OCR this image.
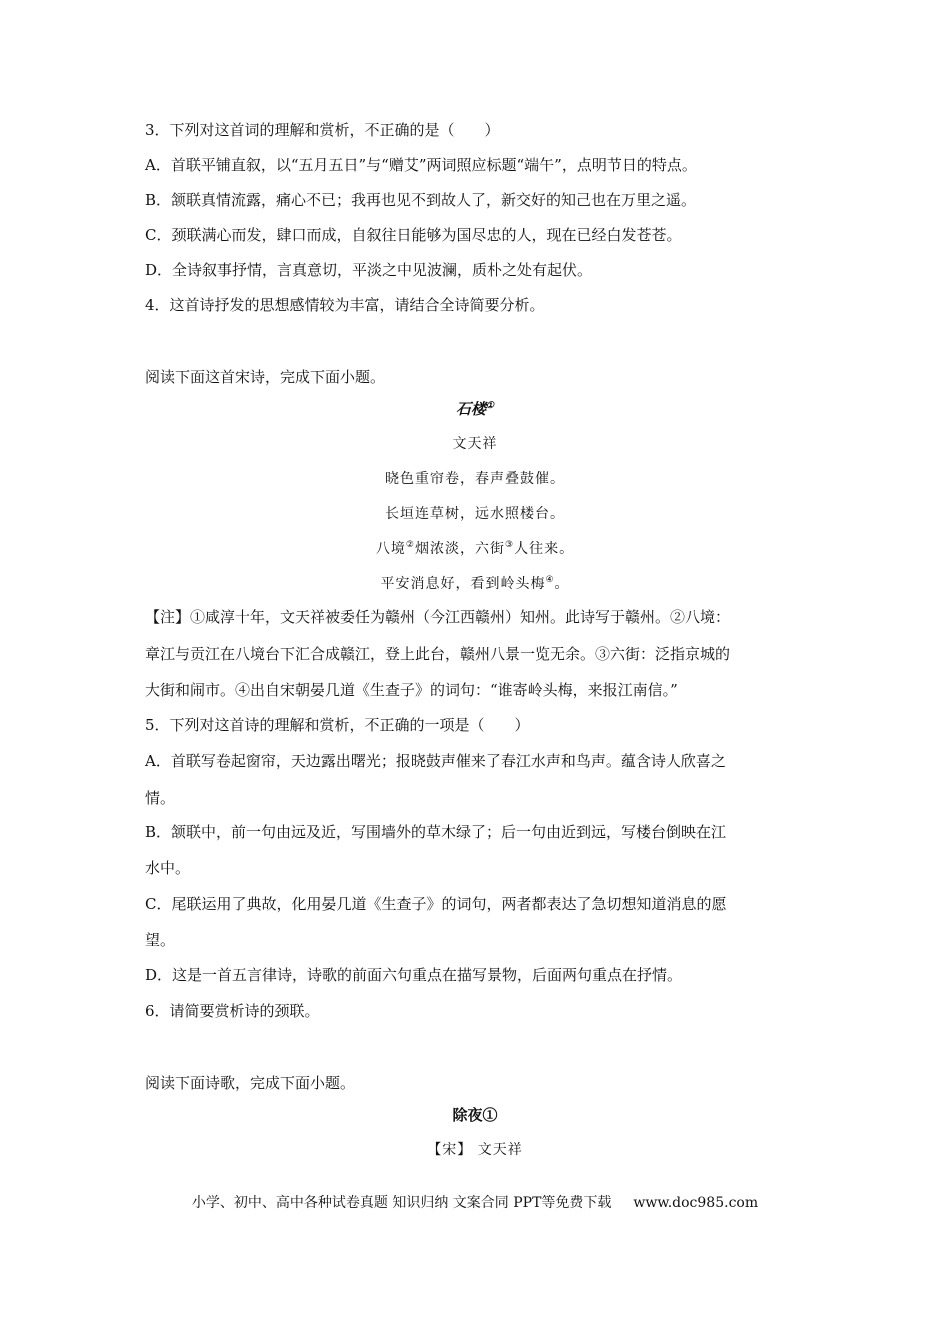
3．下列对这首词的理解和赏析，不正确的是（　　）
A．首联平铺直叙，以“五月五日”与“赠艾”两词照应标题“端午”，点明节日的特点。
B．颔联真情流露，痛心不已；我再也见不到故人了，新交好的知己也在万里之遥。
C．颈联满心而发，肆口而成，自叙往日能够为国尽忠的人，现在已经白发苍苍。
D．全诗叙事抒情，言真意切，平淡之中见波澜，质朴之处有起伏。
4．这首诗抒发的思想感情较为丰富，请结合全诗简要分析。
阅读下面这首宋诗，完成下面小题。
石楼①
文天祥
晓色重帘卷，春声叠鼓催。
长垣连草树，远水照楼台。
八境②烟浓淡，六街③人往来。
平安消息好，看到岭头梅④。
【注】①咸淳十年，文天祥被委任为赣州（今江西赣州）知州。此诗写于赣州。②八境：
章江与贡江在八境台下汇合成赣江，登上此台，赣州八景一览无余。③六街：泛指京城的
大街和闹市。④出自宋朝晏几道《生查子》的词句：“谁寄岭头梅，来报江南信。”
5．下列对这首诗的理解和赏析，不正确的一项是（　　）
A．首联写卷起窗帘，天边露出曙光；报晓鼓声催来了春江水声和鸟声。蕴含诗人欣喜之
情。
B．颔联中，前一句由远及近，写围墙外的草木绿了；后一句由近到远，写楼台倒映在江
水中。
C．尾联运用了典故，化用晏几道《生查子》的词句，两者都表达了急切想知道消息的愿
望。
D．这是一首五言律诗，诗歌的前面六句重点在描写景物，后面两句重点在抒情。
6．请简要赏析诗的颈联。
阅读下面诗歌，完成下面小题。
除夜①
【宋】 文天祥
小学、初中、高中各种试卷真题 知识归纳 文案合同 PPT等免费下载 www.doc985.com
